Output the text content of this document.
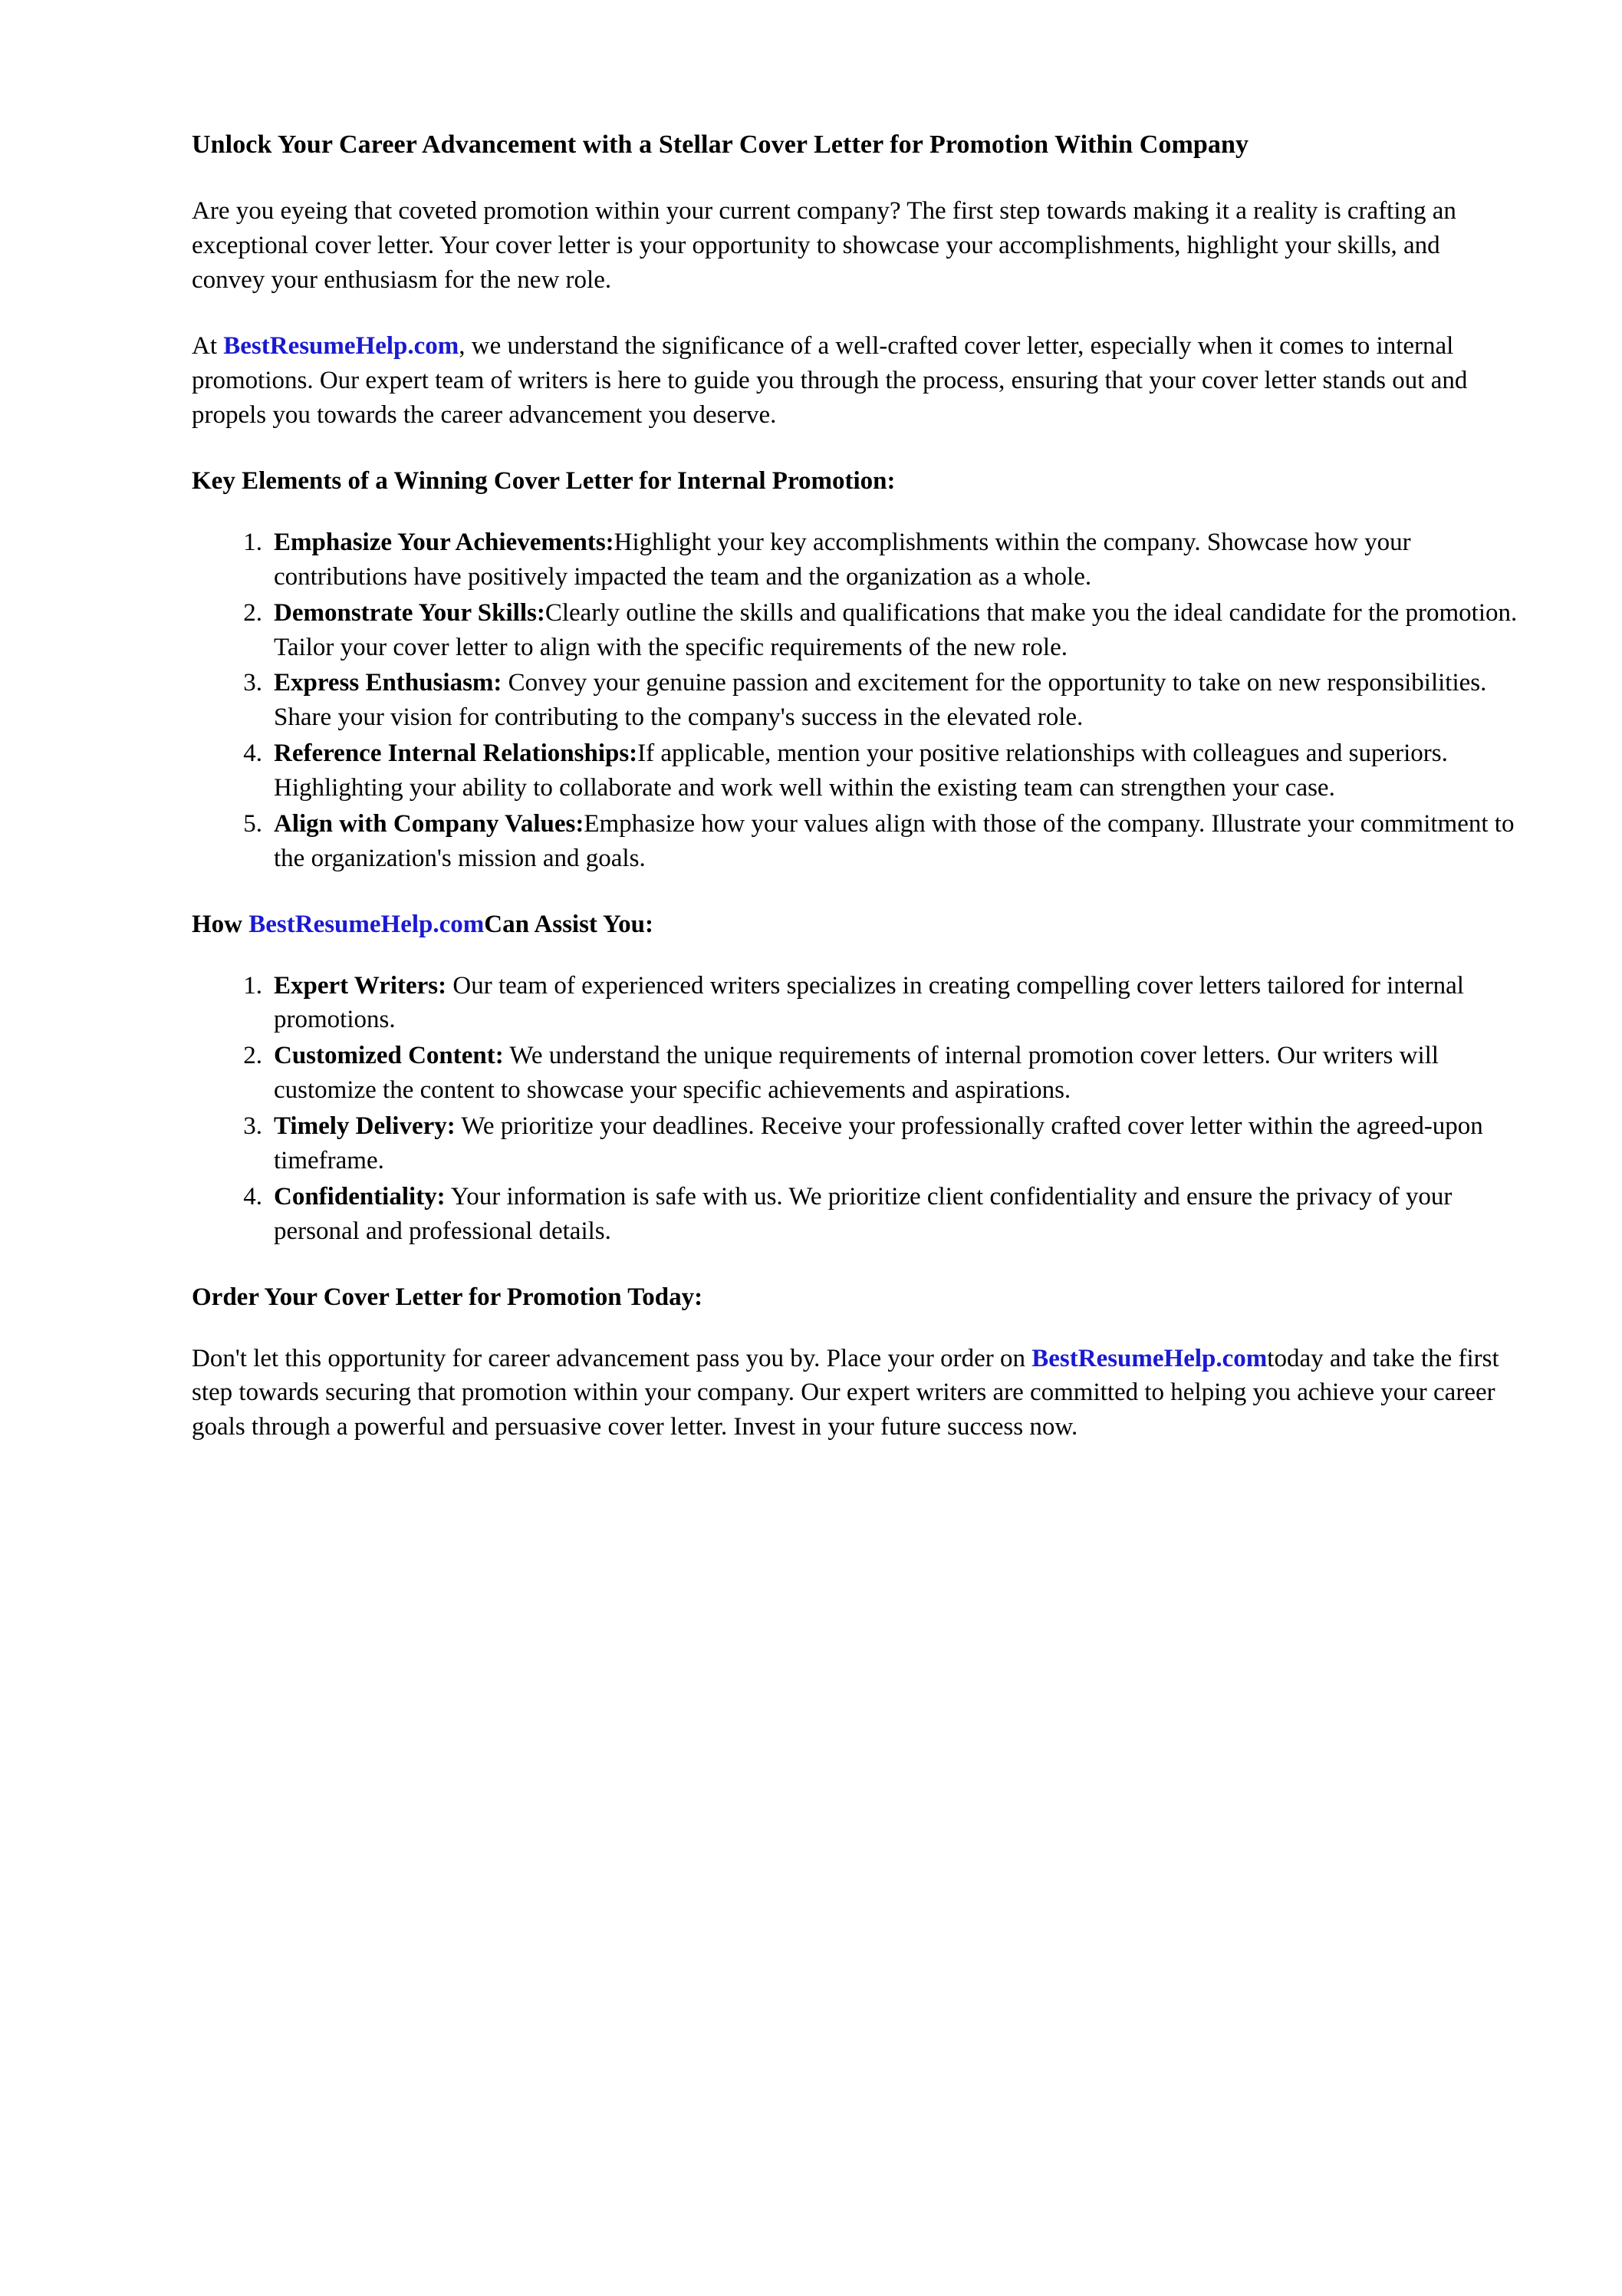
Unlock Your Career Advancement with a Stellar Cover Letter for Promotion Within Company

Are you eyeing that coveted promotion within your current company? The first step towards making it a reality is crafting an exceptional cover letter. Your cover letter is your opportunity to showcase your accomplishments, highlight your skills, and convey your enthusiasm for the new role.

At BestResumeHelp.com, we understand the significance of a well-crafted cover letter, especially when it comes to internal promotions. Our expert team of writers is here to guide you through the process, ensuring that your cover letter stands out and propels you towards the career advancement you deserve.

Key Elements of a Winning Cover Letter for Internal Promotion:
Emphasize Your Achievements:Highlight your key accomplishments within the company. Showcase how your contributions have positively impacted the team and the organization as a whole.
Demonstrate Your Skills:Clearly outline the skills and qualifications that make you the ideal candidate for the promotion. Tailor your cover letter to align with the specific requirements of the new role.
Express Enthusiasm: Convey your genuine passion and excitement for the opportunity to take on new responsibilities. Share your vision for contributing to the company's success in the elevated role.
Reference Internal Relationships:If applicable, mention your positive relationships with colleagues and superiors. Highlighting your ability to collaborate and work well within the existing team can strengthen your case.
Align with Company Values:Emphasize how your values align with those of the company. Illustrate your commitment to the organization's mission and goals.
How BestResumeHelp.comCan Assist You:
Expert Writers: Our team of experienced writers specializes in creating compelling cover letters tailored for internal promotions.
Customized Content: We understand the unique requirements of internal promotion cover letters. Our writers will customize the content to showcase your specific achievements and aspirations.
Timely Delivery: We prioritize your deadlines. Receive your professionally crafted cover letter within the agreed-upon timeframe.
Confidentiality: Your information is safe with us. We prioritize client confidentiality and ensure the privacy of your personal and professional details.
Order Your Cover Letter for Promotion Today:

Don't let this opportunity for career advancement pass you by. Place your order on BestResumeHelp.comtoday and take the first step towards securing that promotion within your company. Our expert writers are committed to helping you achieve your career goals through a powerful and persuasive cover letter. Invest in your future success now.
